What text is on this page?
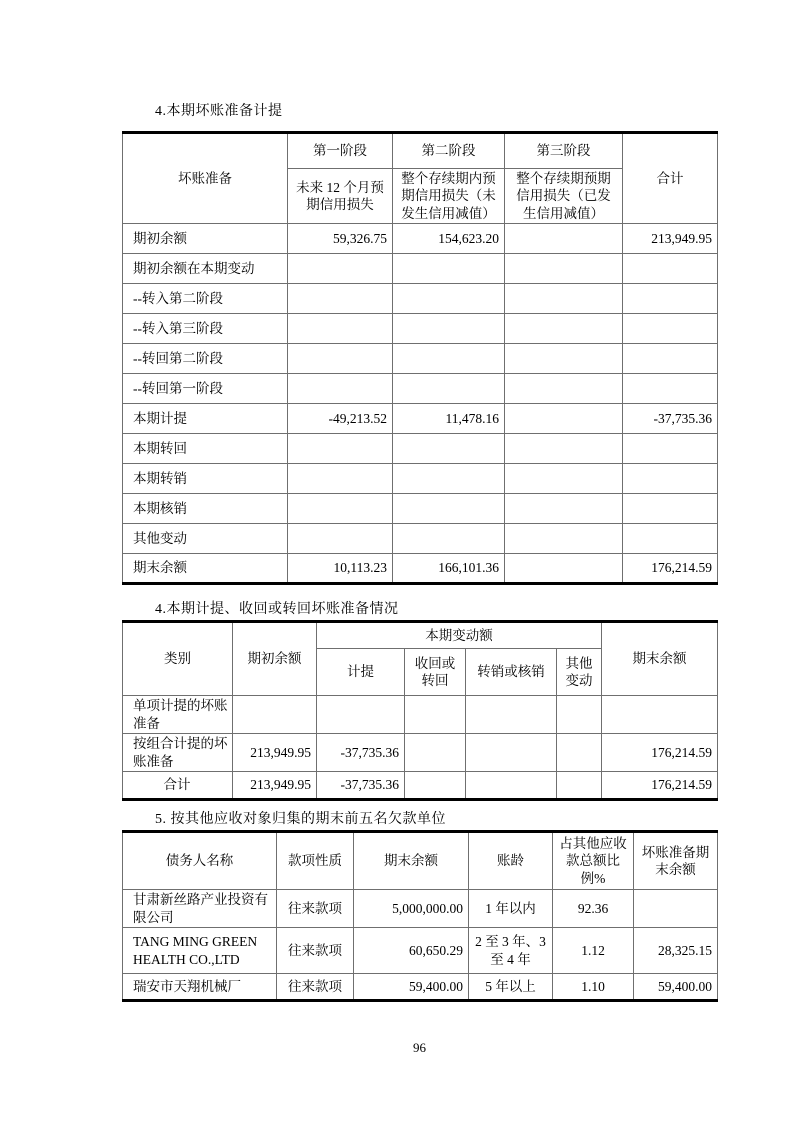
4.本期坏账准备计提
坏账准备	第一阶段	第二阶段	第三阶段	合计
	未来 12 个月预期信用损失	整个存续期内预期信用损失（未发生信用减值）	整个存续期预期信用损失（已发生信用减值）	
期初余额	59,326.75	154,623.20		213,949.95
期初余额在本期变动				
--转入第二阶段				
--转入第三阶段				
--转回第二阶段				
--转回第一阶段				
本期计提	-49,213.52	11,478.16		-37,735.36
本期转回				
本期转销				
本期核销				
其他变动				
期末余额	10,113.23	166,101.36		176,214.59
4.本期计提、收回或转回坏账准备情况
类别	期初余额	本期变动额				期末余额
		计提	收回或转回	转销或核销	其他变动	
单项计提的坏账准备						
按组合计提的坏账准备	213,949.95	-37,735.36				176,214.59
合计	213,949.95	-37,735.36				176,214.59
5. 按其他应收对象归集的期末前五名欠款单位
债务人名称	款项性质	期末余额	账龄	占其他应收款总额比例%	坏账准备期末余额
甘肃新丝路产业投资有限公司	往来款项	5,000,000.00	1 年以内	92.36	
TANG MING GREEN HEALTH CO.,LTD	往来款项	60,650.29	2 至 3 年、3 至 4 年	1.12	28,325.15
瑞安市天翔机械厂	往来款项	59,400.00	5 年以上	1.10	59,400.00
96
